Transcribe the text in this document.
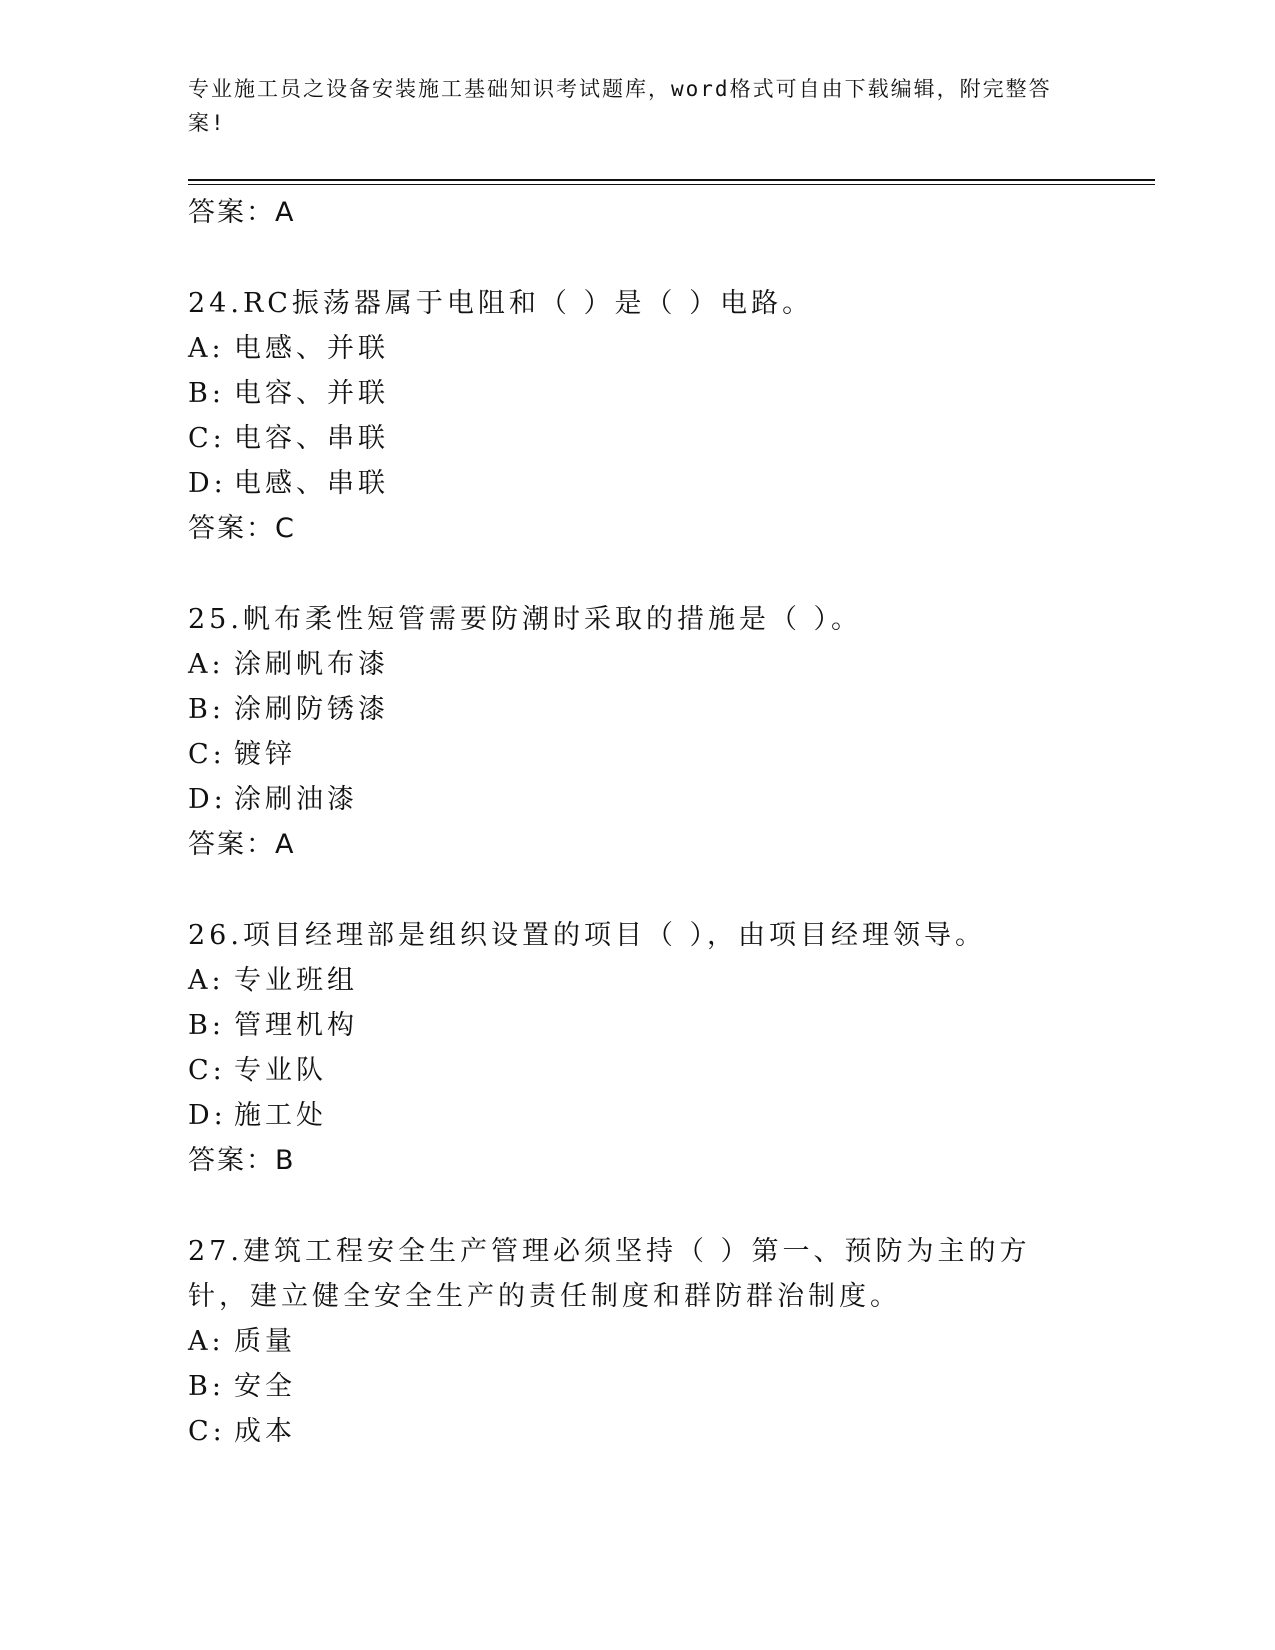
专业施工员之设备安装施工基础知识考试题库，word格式可自由下载编辑，附完整答案!
答案：A
24.RC振荡器属于电阻和（ ）是（ ）电路。
A: 电感、并联
B: 电容、并联
C: 电容、串联
D: 电感、串联
答案：C
25.帆布柔性短管需要防潮时采取的措施是（ ）。
A: 涂刷帆布漆
B: 涂刷防锈漆
C: 镀锌
D: 涂刷油漆
答案：A
26.项目经理部是组织设置的项目（ ），由项目经理领导。
A: 专业班组
B: 管理机构
C: 专业队
D: 施工处
答案：B
27.建筑工程安全生产管理必须坚持（ ）第一、预防为主的方针，建立健全安全生产的责任制度和群防群治制度。
A: 质量
B: 安全
C: 成本
